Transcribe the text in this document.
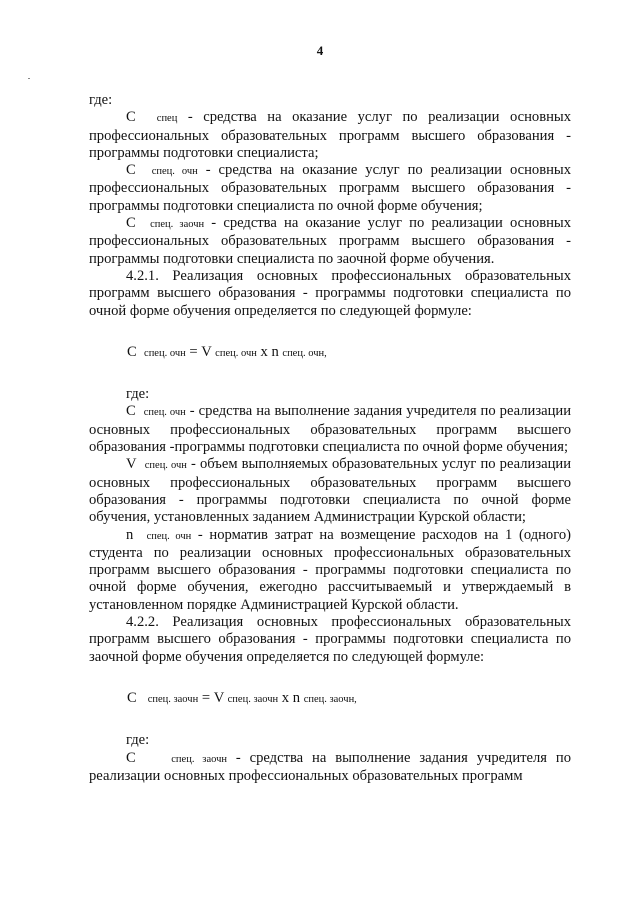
4

где:

С спец - средства на оказание услуг по реализации основных профессиональных образовательных программ высшего образования - программы подготовки специалиста;

С спец. очн - средства на оказание услуг по реализации основных профессиональных образовательных программ высшего образования - программы подготовки специалиста по очной форме обучения;

С спец. заочн - средства на оказание услуг по реализации основных профессиональных образовательных программ высшего образования - программы подготовки специалиста по заочной форме обучения.

4.2.1. Реализация основных профессиональных образовательных программ высшего образования - программы подготовки специалиста по очной форме обучения определяется по следующей формуле:

С спец. очн = V спец. очн x n спец. очн,

где:

С спец. очн - средства на выполнение задания учредителя по реализации основных профессиональных образовательных программ высшего образования -программы подготовки специалиста по очной форме обучения;

V спец. очн - объем выполняемых образовательных услуг по реализации основных профессиональных образовательных программ высшего образования - программы подготовки специалиста по очной форме обучения, установленных заданием Администрации Курской области;

n спец. очн - норматив затрат на возмещение расходов на 1 (одного) студента по реализации основных профессиональных образовательных программ высшего образования - программы подготовки специалиста по очной форме обучения, ежегодно рассчитываемый и утверждаемый в установленном порядке Администрацией Курской области.

4.2.2. Реализация основных профессиональных образовательных программ высшего образования - программы подготовки специалиста по заочной форме обучения определяется по следующей формуле:

С спец. заочн = V спец. заочн x n спец. заочн,

где:

С	спец. заочн - средства на выполнение задания учредителя по реализации основных профессиональных образовательных программ
